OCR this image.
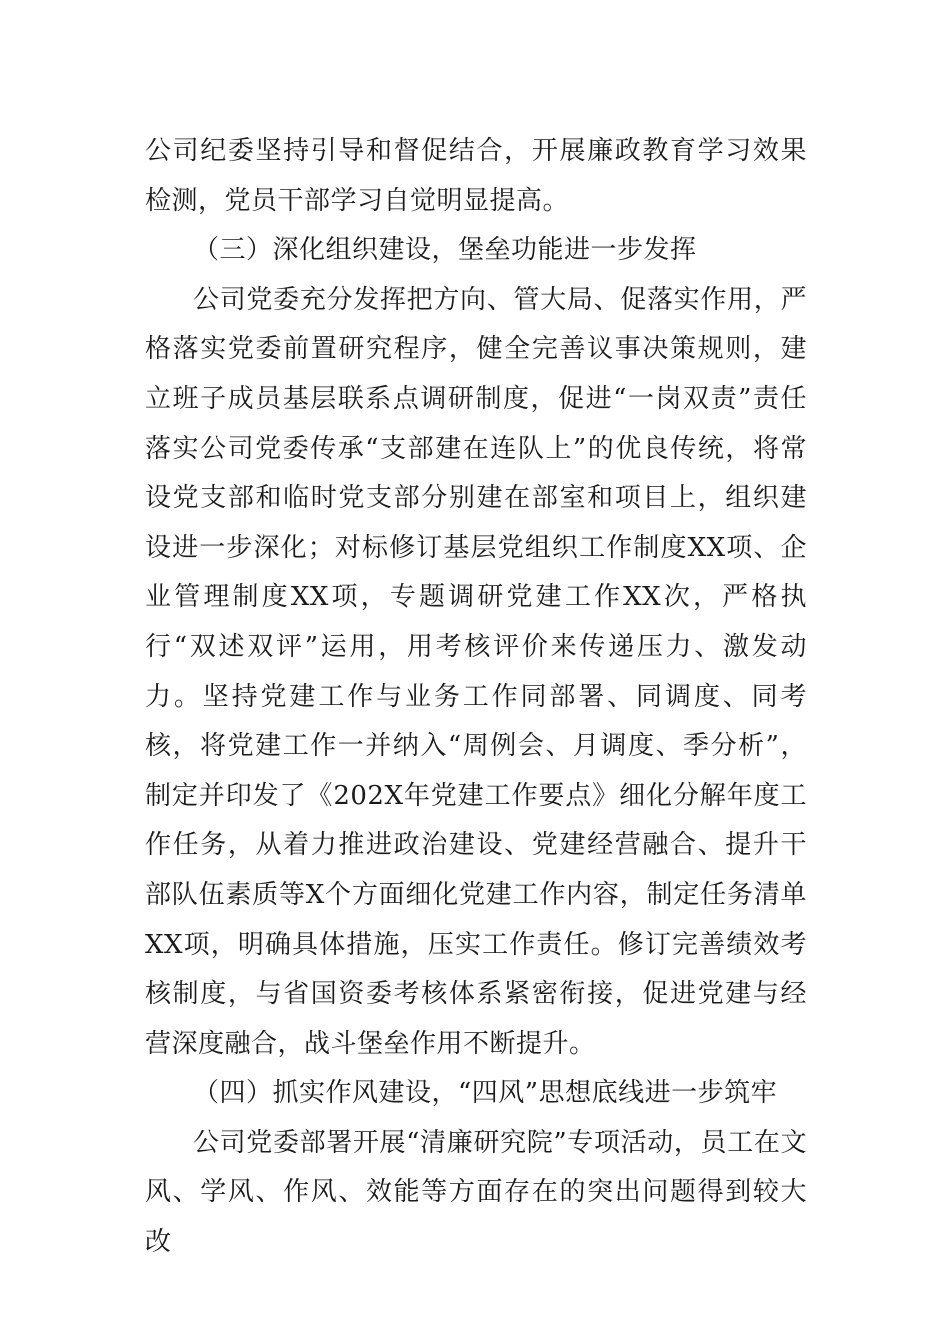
公司纪委坚持引导和督促结合，开展廉政教育学习效果检测，党员干部学习自觉明显提高。

（三）深化组织建设，堡垒功能进一步发挥

公司党委充分发挥把方向、管大局、促落实作用，严格落实党委前置研究程序，健全完善议事决策规则，建立班子成员基层联系点调研制度，促进“一岗双责”责任落实公司党委传承“支部建在连队上”的优良传统，将常设党支部和临时党支部分别建在部室和项目上，组织建设进一步深化；对标修订基层党组织工作制度XX项、企业管理制度XX项，专题调研党建工作XX次，严格执行“双述双评”运用，用考核评价来传递压力、激发动力。坚持党建工作与业务工作同部署、同调度、同考核，将党建工作一并纳入“周例会、月调度、季分析”，制定并印发了《202X年党建工作要点》细化分解年度工作任务，从着力推进政治建设、党建经营融合、提升干部队伍素质等X个方面细化党建工作内容，制定任务清单XX项，明确具体措施，压实工作责任。修订完善绩效考核制度，与省国资委考核体系紧密衔接，促进党建与经营深度融合，战斗堡垒作用不断提升。

（四）抓实作风建设，“四风”思想底线进一步筑牢

公司党委部署开展“清廉研究院”专项活动，员工在文风、学风、作风、效能等方面存在的突出问题得到较大改
